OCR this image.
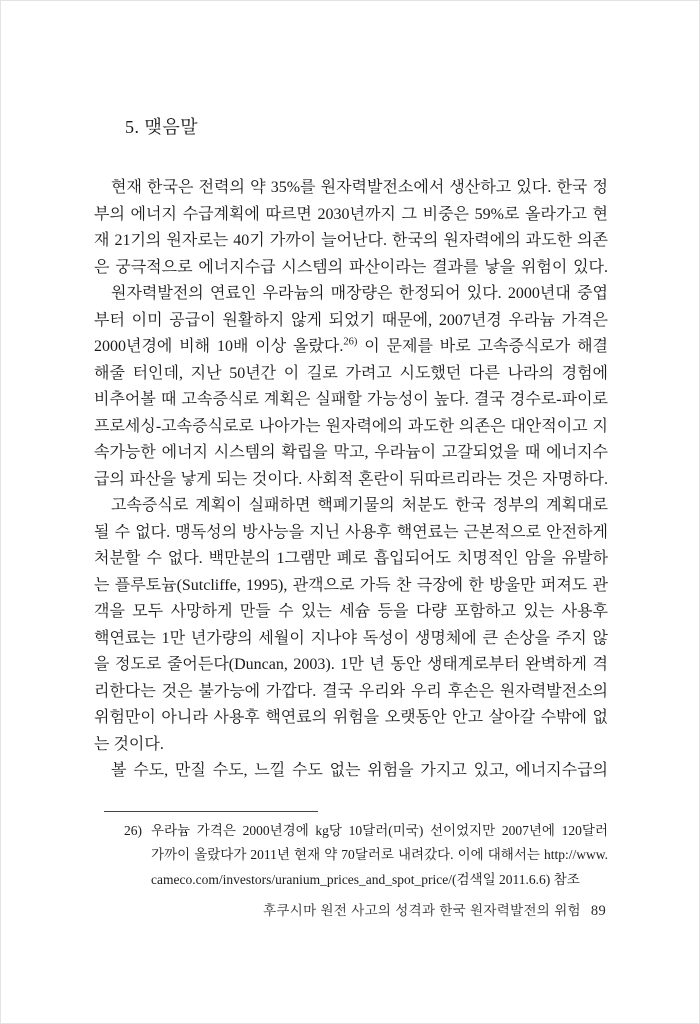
5. 맺음말
현재 한국은 전력의 약 35%를 원자력발전소에서 생산하고 있다. 한국 정
부의 에너지 수급계획에 따르면 2030년까지 그 비중은 59%로 올라가고 현
재 21기의 원자로는 40기 가까이 늘어난다. 한국의 원자력에의 과도한 의존
은 궁극적으로 에너지수급 시스템의 파산이라는 결과를 낳을 위험이 있다.
원자력발전의 연료인 우라늄의 매장량은 한정되어 있다. 2000년대 중엽
부터 이미 공급이 원활하지 않게 되었기 때문에, 2007년경 우라늄 가격은
2000년경에 비해 10배 이상 올랐다.$^{26)}$ 이 문제를 바로 고속증식로가 해결
해줄 터인데, 지난 50년간 이 길로 가려고 시도했던 다른 나라의 경험에
비추어볼 때 고속증식로 계획은 실패할 가능성이 높다. 결국 경수로-파이로
프로세싱-고속증식로로 나아가는 원자력에의 과도한 의존은 대안적이고 지
속가능한 에너지 시스템의 확립을 막고, 우라늄이 고갈되었을 때 에너지수
급의 파산을 낳게 되는 것이다. 사회적 혼란이 뒤따르리라는 것은 자명하다.
고속증식로 계획이 실패하면 핵폐기물의 처분도 한국 정부의 계획대로
될 수 없다. 맹독성의 방사능을 지닌 사용후 핵연료는 근본적으로 안전하게
처분할 수 없다. 백만분의 1그램만 폐로 흡입되어도 치명적인 암을 유발하
는 플루토늄(Sutcliffe, 1995), 관객으로 가득 찬 극장에 한 방울만 퍼져도 관
객을 모두 사망하게 만들 수 있는 세슘 등을 다량 포함하고 있는 사용후
핵연료는 1만 년가량의 세월이 지나야 독성이 생명체에 큰 손상을 주지 않
을 정도로 줄어든다(Duncan, 2003). 1만 년 동안 생태계로부터 완벽하게 격
리한다는 것은 불가능에 가깝다. 결국 우리와 우리 후손은 원자력발전소의
위험만이 아니라 사용후 핵연료의 위험을 오랫동안 안고 살아갈 수밖에 없
는 것이다.
볼 수도, 만질 수도, 느낄 수도 없는 위험을 가지고 있고, 에너지수급의
26) 우라늄 가격은 2000년경에 kg당 10달러(미국) 선이었지만 2007년에 120달러
가까이 올랐다가 2011년 현재 약 70달러로 내려갔다. 이에 대해서는 http://www.
cameco.com/investors/uranium_prices_and_spot_price/(검색일 2011.6.6) 참조
후쿠시마 원전 사고의 성격과 한국 원자력발전의 위험 89
